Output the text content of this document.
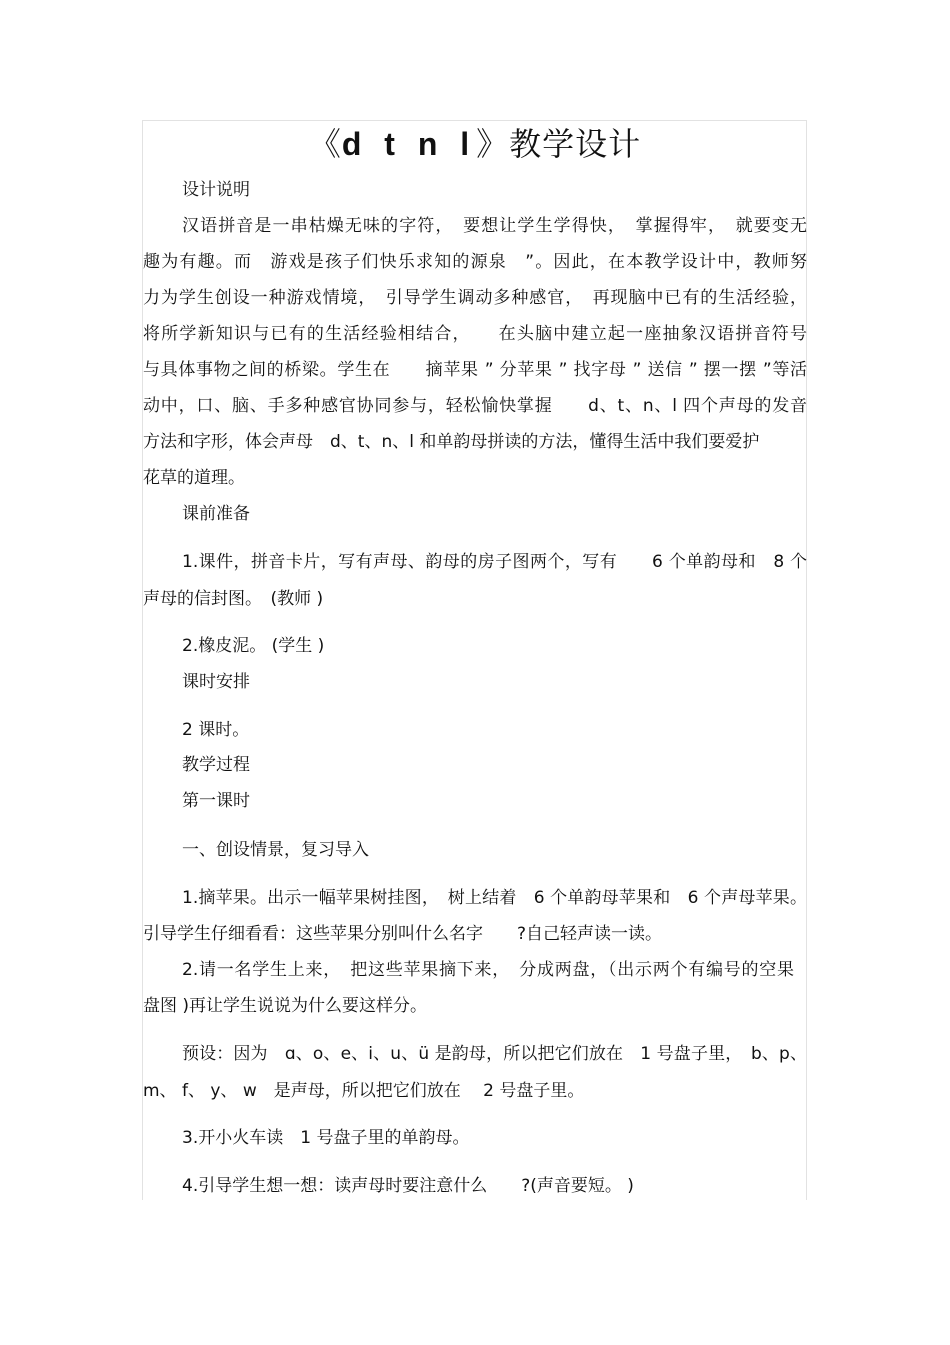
《d t n l》教学设计
设计说明
汉语拼音是一串枯燥无味的字符，　要想让学生学得快，　掌握得牢，　就要变无
趣为有趣。而　游戏是孩子们快乐求知的源泉　”。因此，在本教学设计中，教师努
力为学生创设一种游戏情境，　引导学生调动多种感官，　再现脑中已有的生活经验，
将所学新知识与已有的生活经验相结合，　　在头脑中建立起一座抽象汉语拼音符号
与具体事物之间的桥梁。学生在　　摘苹果 ” 分苹果 ” 找字母 ” 送信 ” 摆一摆 ”等活
动中，口、脑、手多种感官协同参与，轻松愉快掌握　　d、t、n、l 四个声母的发音
方法和字形，体会声母　d、t、n、l 和单韵母拼读的方法，懂得生活中我们要爱护
花草的道理。
课前准备
1.课件，拼音卡片，写有声母、韵母的房子图两个，写有　　6 个单韵母和　8 个
声母的信封图。　(教师 )
2.橡皮泥。 (学生 )
课时安排
2 课时。
教学过程
第一课时
一、创设情景，复习导入
1.摘苹果。出示一幅苹果树挂图，　树上结着　6 个单韵母苹果和　6 个声母苹果。
引导学生仔细看看：这些苹果分别叫什么名字　　?自己轻声读一读。
2.请一名学生上来，　把这些苹果摘下来，　分成两盘，（出示两个有编号的空果
盘图 )再让学生说说为什么要这样分。
预设：因为　ɑ、o、e、i、u、ü 是韵母，所以把它们放在　1 号盘子里，　b、p、
m、 f、 y、 w　是声母，所以把它们放在　 2 号盘子里。
3.开小火车读　1 号盘子里的单韵母。
4.引导学生想一想：读声母时要注意什么　　?(声音要短。 )
